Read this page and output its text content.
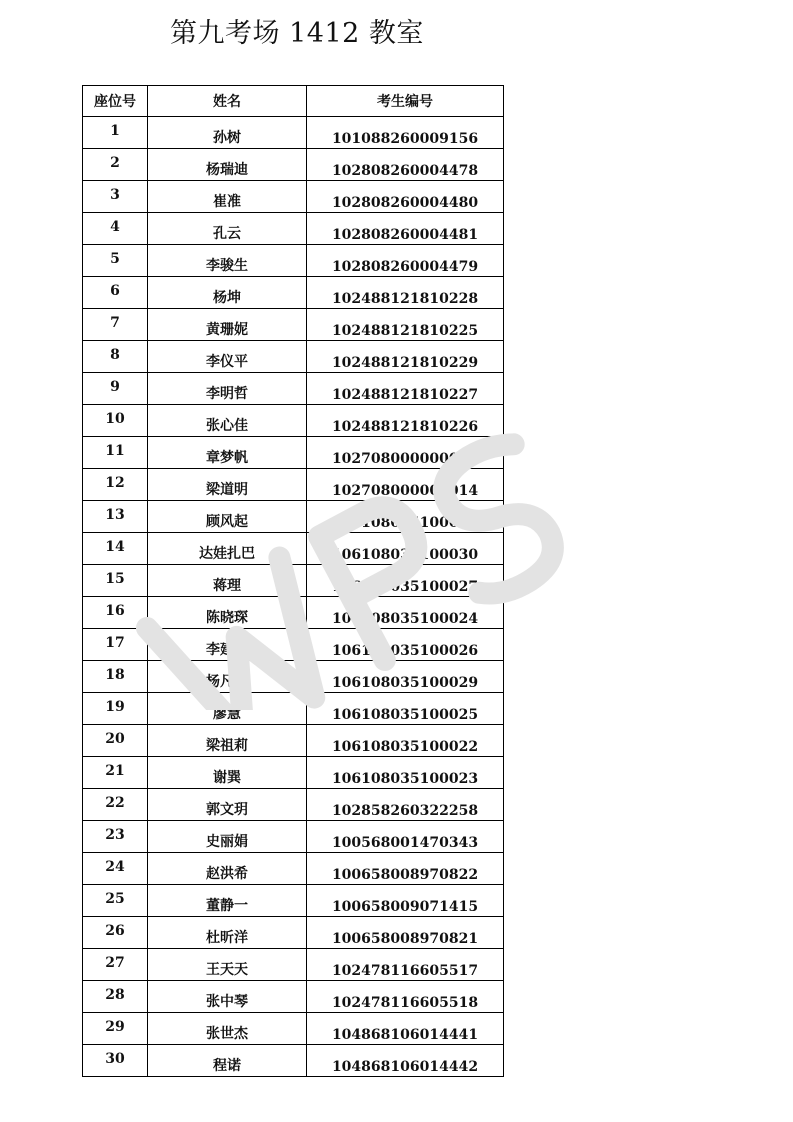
第九考场 1412 教室
座位号	姓名	考生编号
1	孙树	101088260009156
2	杨瑞迪	102808260004478
3	崔准	102808260004480
4	孔云	102808260004481
5	李骏生	102808260004479
6	杨坤	102488121810228
7	黄珊妮	102488121810225
8	李仪平	102488121810229
9	李明哲	102488121810227
10	张心佳	102488121810226
11	章梦帆	102708000000013
12	梁道明	102708000000014
13	顾风起	106108035100028
14	达娃扎巴	106108035100030
15	蒋理	106108035100027
16	陈晓琛	106108035100024
17	李建鹏	106108035100026
18	杨凡玉	106108035100029
19	廖慧	106108035100025
20	梁祖莉	106108035100022
21	谢巽	106108035100023
22	郭文玥	102858260322258
23	史丽娟	100568001470343
24	赵洪希	100658008970822
25	董静一	100658009071415
26	杜昕洋	100658008970821
27	王天天	102478116605517
28	张中琴	102478116605518
29	张世杰	104868106014441
30	程诺	104868106014442
